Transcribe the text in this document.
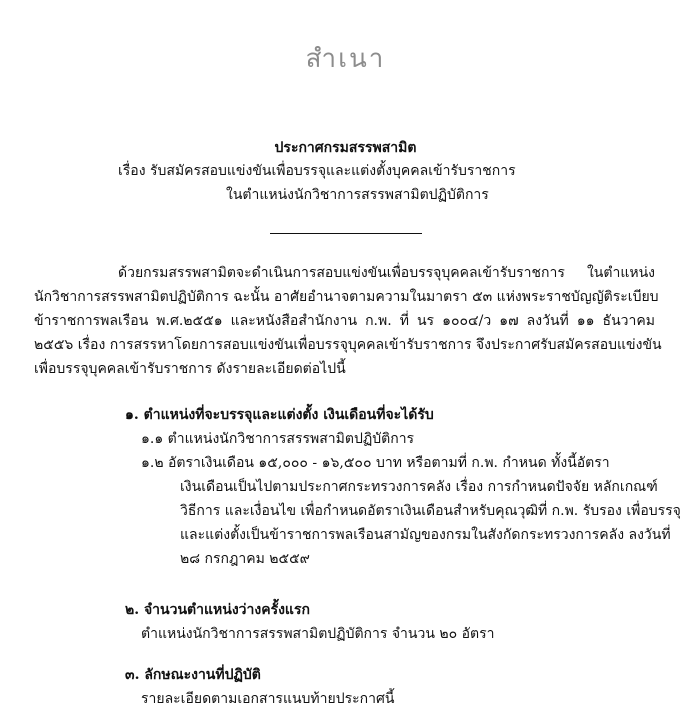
สำเนา
ประกาศกรมสรรพสามิต
เรื่อง รับสมัครสอบแข่งขันเพื่อบรรจุและแต่งตั้งบุคคลเข้ารับราชการ
ในตำแหน่งนักวิชาการสรรพสามิตปฏิบัติการ
ด้วยกรมสรรพสามิตจะดำเนินการสอบแข่งขันเพื่อบรรจุบุคคลเข้ารับราชการ ในตำแหน่ง
นักวิชาการสรรพสามิตปฏิบัติการ ฉะนั้น อาศัยอำนาจตามความในมาตรา ๕๓ แห่งพระราชบัญญัติระเบียบ
ข้าราชการพลเรือน พ.ศ.๒๕๕๑ และหนังสือสำนักงาน ก.พ. ที่ นร ๑๐๐๔/ว ๑๗ ลงวันที่ ๑๑ ธันวาคม
๒๕๕๖ เรื่อง การสรรหาโดยการสอบแข่งขันเพื่อบรรจุบุคคลเข้ารับราชการ จึงประกาศรับสมัครสอบแข่งขัน
เพื่อบรรจุบุคคลเข้ารับราชการ ดังรายละเอียดต่อไปนี้
๑. ตำแหน่งที่จะบรรจุและแต่งตั้ง เงินเดือนที่จะได้รับ
๑.๑ ตำแหน่งนักวิชาการสรรพสามิตปฏิบัติการ
๑.๒ อัตราเงินเดือน ๑๕,๐๐๐ - ๑๖,๕๐๐ บาท หรือตามที่ ก.พ. กำหนด ทั้งนี้อัตรา
เงินเดือนเป็นไปตามประกาศกระทรวงการคลัง เรื่อง การกำหนดปัจจัย หลักเกณฑ์
วิธีการ และเงื่อนไข เพื่อกำหนดอัตราเงินเดือนสำหรับคุณวุฒิที่ ก.พ. รับรอง เพื่อบรรจุ
และแต่งตั้งเป็นข้าราชการพลเรือนสามัญของกรมในสังกัดกระทรวงการคลัง ลงวันที่
๒๘ กรกฎาคม ๒๕๕๙
๒. จำนวนตำแหน่งว่างครั้งแรก
ตำแหน่งนักวิชาการสรรพสามิตปฏิบัติการ จำนวน ๒๐ อัตรา
๓. ลักษณะงานที่ปฏิบัติ
รายละเอียดตามเอกสารแนบท้ายประกาศนี้
